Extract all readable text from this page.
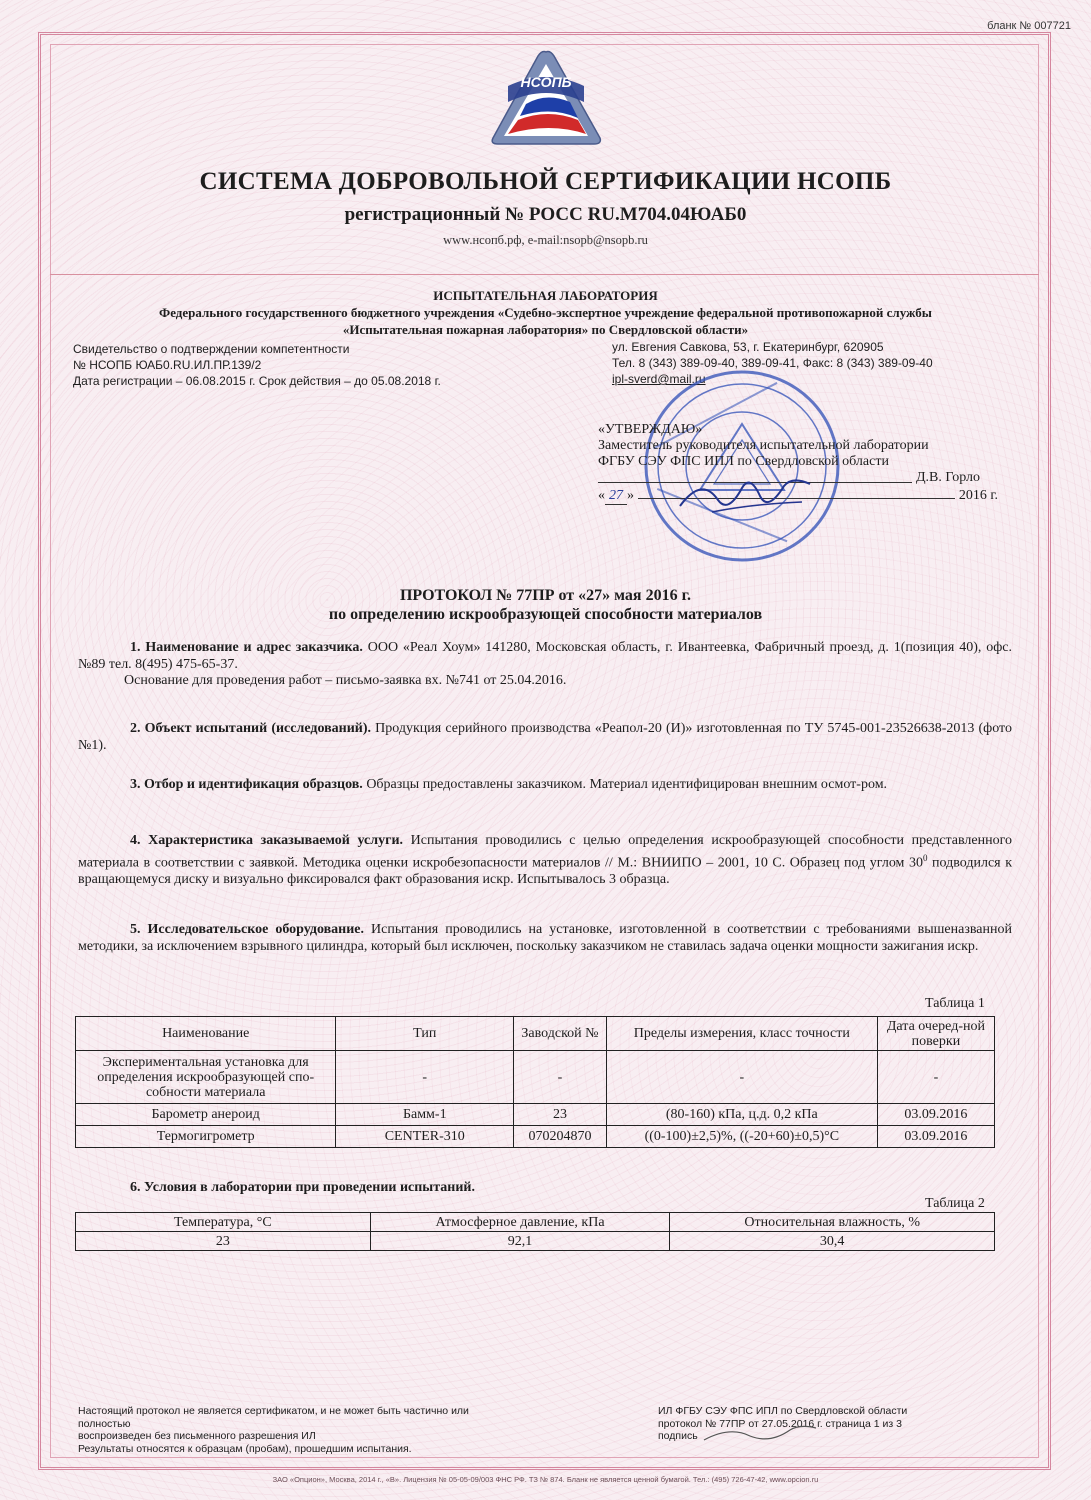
бланк № 007721
НСОПБ
СИСТЕМА ДОБРОВОЛЬНОЙ СЕРТИФИКАЦИИ НСОПБ
регистрационный № РОСС RU.М704.04ЮАБ0
www.нсопб.рф, e-mail:nsopb@nsopb.ru
ИСПЫТАТЕЛЬНАЯ ЛАБОРАТОРИЯ
Федерального государственного бюджетного учреждения «Судебно-экспертное учреждение федеральной противопожарной службы
«Испытательная пожарная лаборатория» по Свердловской области»
Свидетельство о подтверждении компетентности
№ НСОПБ ЮАБ0.RU.ИЛ.ПР.139/2
Дата регистрации – 06.08.2015 г. Срок действия – до 05.08.2018 г.
ул. Евгения Савкова, 53, г. Екатеринбург, 620905
Тел. 8 (343) 389-09-40, 389-09-41, Факс: 8 (343) 389-09-40
ipl-sverd@mail.ru
«УТВЕРЖДАЮ»
Заместитель руководителя испытательной лаборатории
ФГБУ СЭУ ФПС ИПЛ по Свердловской области
Д.В. Горло
« 27 »	2016 г.
ПРОТОКОЛ № 77ПР от «27» мая 2016 г.
по определению искрообразующей способности материалов
1. Наименование и адрес заказчика. ООО «Реал Хоум» 141280, Московская область, г. Ивантеевка, Фабричный проезд, д. 1(позиция 40), офс. №89 тел. 8(495) 475-65-37.
Основание для проведения работ – письмо-заявка вх. №741 от 25.04.2016.
2. Объект испытаний (исследований). Продукция серийного производства «Реапол-20 (И)» изготовленная по ТУ 5745-001-23526638-2013 (фото №1).
3. Отбор и идентификация образцов. Образцы предоставлены заказчиком. Материал идентифицирован внешним осмот-ром.
4. Характеристика заказываемой услуги. Испытания проводились с целью определения искрообразующей способности представленного материала в соответствии с заявкой. Методика оценки искробезопасности материалов // М.: ВНИИПО – 2001, 10 С. Образец под углом $30^0$ подводился к вращающемуся диску и визуально фиксировался факт образования искр. Испытывалось 3 образца.
5. Исследовательское оборудование. Испытания проводились на установке, изготовленной в соответствии с требованиями вышеназванной методики, за исключением взрывного цилиндра, который был исключен, поскольку заказчиком не ставилась задача оценки мощности зажигания искр.
Таблица 1
Наименование	Тип	Заводской №	Пределы измерения, класс точности	Дата очеред-ной поверки
Экспериментальная установка для определения искрообразующей спо-собности материала	-	-	-	-
Барометр анероид	Бамм-1	23	(80-160) кПа, ц.д. 0,2 кПа	03.09.2016
Термогигрометр	CENTER-310	070204870	((0-100)±2,5)%, ((-20+60)±0,5)°С	03.09.2016
6. Условия в лаборатории при проведении испытаний.
Таблица 2
Температура, °С	Атмосферное давление, кПа	Относительная влажность, %
23	92,1	30,4
Настоящий протокол не является сертификатом, и не может быть частично или полностью
воспроизведен без письменного разрешения ИЛ
Результаты относятся к образцам (пробам), прошедшим испытания.
ИЛ ФГБУ СЭУ ФПС ИПЛ по Свердловской области
протокол № 77ПР от 27.05.2016 г. страница 1 из 3
подпись
ЗАО «Опцион», Москва, 2014 г., «В». Лицензия № 05-05-09/003 ФНС РФ. ТЗ № 874. Бланк не является ценной бумагой. Тел.: (495) 726-47-42, www.opcion.ru
